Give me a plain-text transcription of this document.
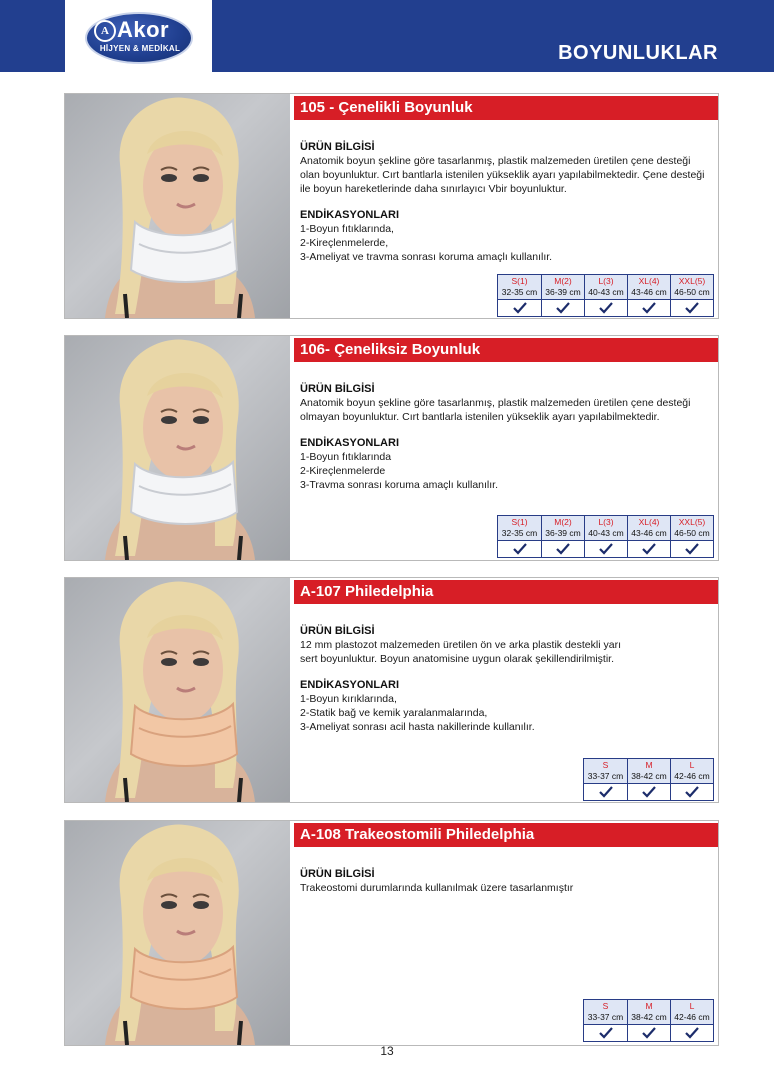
A Akor
HİJYEN & MEDİKAL	BOYUNLUKLAR
105 - Çenelikli Boyunluk

ÜRÜN BİLGİSİ

Anatomik boyun şekline göre tasarlanmış, plastik malzemeden üretilen çene desteği

olan boyunluktur. Cırt bantlarla istenilen yükseklik ayarı yapılabilmektedir. Çene desteği

ile boyun hareketlerinde daha sınırlayıcı Vbir boyunluktur.

ENDİKASYONLARI

1-Boyun fıtıklarında,

2-Kireçlenmelerde,

3-Ameliyat ve travma sonrası koruma amaçlı kullanılır.

S(1)
32-35 cm
M(2)
36-39 cm
L(3)
40-43 cm
XL(4)
43-46 cm
XXL(5)
46-50 cm
106- Çeneliksiz Boyunluk

ÜRÜN BİLGİSİ

Anatomik boyun şekline göre tasarlanmış, plastik malzemeden üretilen çene desteği

olmayan boyunluktur. Cırt bantlarla istenilen yükseklik ayarı yapılabilmektedir.

ENDİKASYONLARI

1-Boyun fıtıklarında

2-Kireçlenmelerde

3-Travma sonrası koruma amaçlı kullanılır.

S(1)
32-35 cm
M(2)
36-39 cm
L(3)
40-43 cm
XL(4)
43-46 cm
XXL(5)
46-50 cm
A-107 Philedelphia

ÜRÜN BİLGİSİ

12 mm plastozot malzemeden üretilen ön ve arka plastik destekli yarı

sert boyunluktur. Boyun anatomisine uygun olarak şekillendirilmiştir.

ENDİKASYONLARI

1-Boyun kırıklarında,

2-Statik bağ ve kemik yaralanmalarında,

3-Ameliyat sonrası acil hasta nakillerinde kullanılır.

S
33-37 cm
M
38-42 cm
L
42-46 cm
A-108 Trakeostomili Philedelphia

ÜRÜN BİLGİSİ

Trakeostomi durumlarında kullanılmak üzere tasarlanmıştır

S
33-37 cm
M
38-42 cm
L
42-46 cm
13
